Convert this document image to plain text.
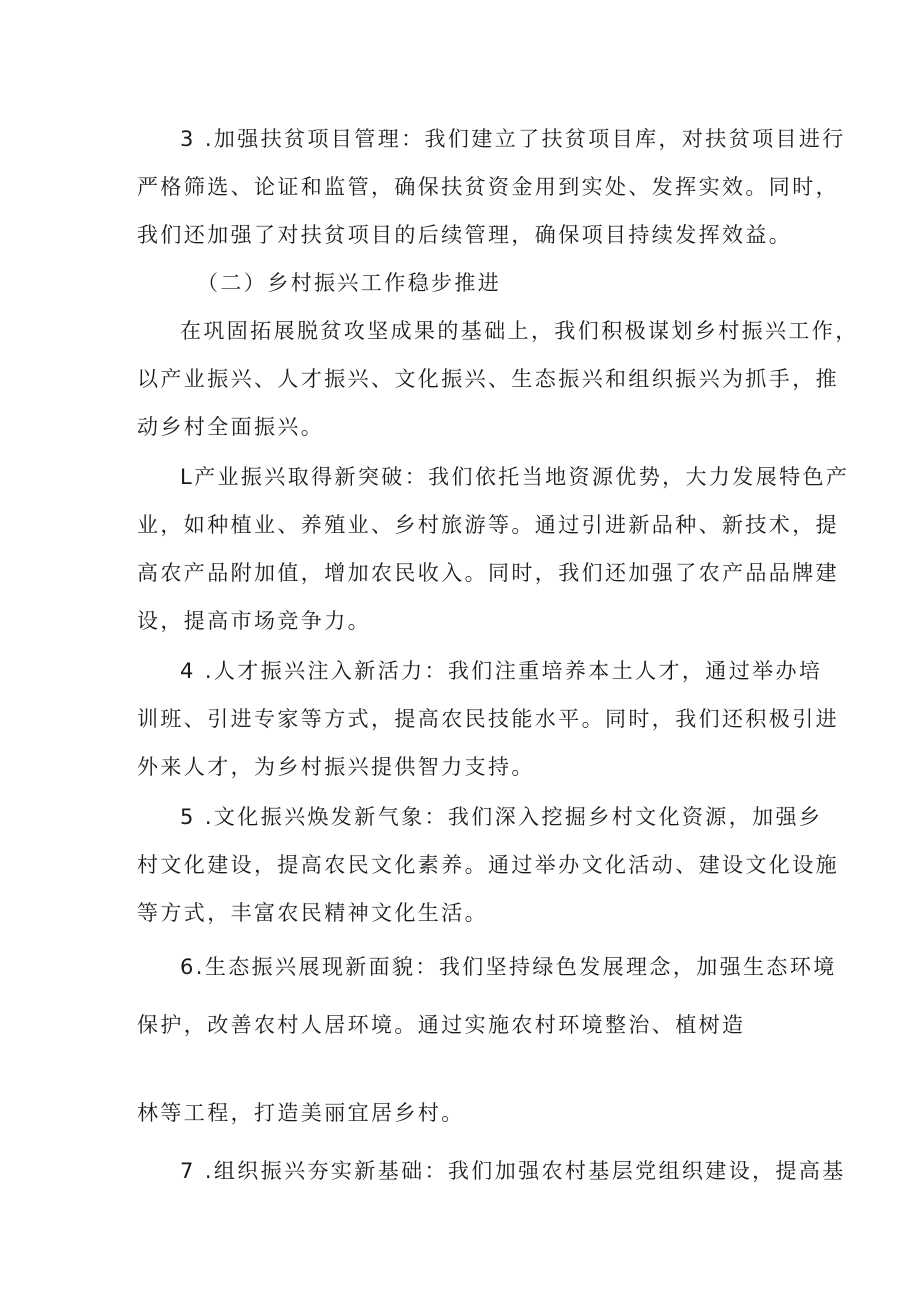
3 .加强扶贫项目管理：我们建立了扶贫项目库，对扶贫项目进行
严格筛选、论证和监管，确保扶贫资金用到实处、发挥实效。同时，
我们还加强了对扶贫项目的后续管理，确保项目持续发挥效益。
（二）乡村振兴工作稳步推进
在巩固拓展脱贫攻坚成果的基础上，我们积极谋划乡村振兴工作，
以产业振兴、人才振兴、文化振兴、生态振兴和组织振兴为抓手，推
动乡村全面振兴。
L产业振兴取得新突破：我们依托当地资源优势，大力发展特色产
业，如种植业、养殖业、乡村旅游等。通过引进新品种、新技术，提
高农产品附加值，增加农民收入。同时，我们还加强了农产品品牌建
设，提高市场竞争力。
4 .人才振兴注入新活力：我们注重培养本土人才，通过举办培
训班、引进专家等方式，提高农民技能水平。同时，我们还积极引进
外来人才，为乡村振兴提供智力支持。
5 .文化振兴焕发新气象：我们深入挖掘乡村文化资源，加强乡
村文化建设，提高农民文化素养。通过举办文化活动、建设文化设施
等方式，丰富农民精神文化生活。
6.生态振兴展现新面貌：我们坚持绿色发展理念，加强生态环境
保护，改善农村人居环境。通过实施农村环境整治、植树造
林等工程，打造美丽宜居乡村。
7 .组织振兴夯实新基础：我们加强农村基层党组织建设，提高基
